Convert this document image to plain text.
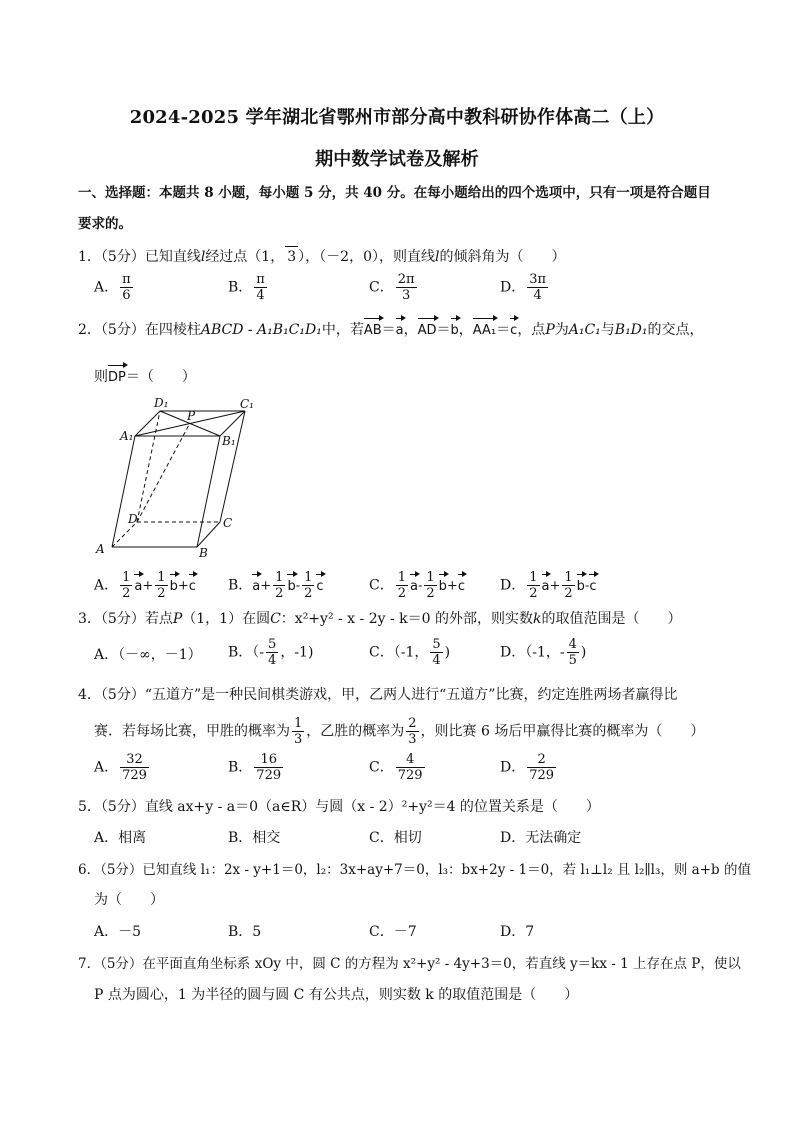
2024-2025 学年湖北省鄂州市部分高中教科研协作体高二（上）
期中数学试卷及解析
一、选择题：本题共 8 小题，每小题 5 分，共 40 分。在每小题给出的四个选项中，只有一项是符合题目
要求的。
1．（5分）已知直线l经过点（1， 3 ），（－2，0），则直线l的倾斜角为（　　）
A． $\frac{\pi}{6}$	B． $\frac{\pi}{4}$	C． $\frac{2\pi}{3}$	D． $\frac{3\pi}{4}$
2．（5分）在四棱柱ABCD - A₁B₁C₁D₁中，若AB＝a，AD＝b，AA₁＝c，点P为A₁C₁与B₁D₁的交点，
则DP＝（　　）
D₁
P
C₁
A₁	B₁
D	C
A	B
A． $\frac{1}{2} a+ \frac{1}{2} b+c$ B．$a+ \frac{1}{2} b- \frac{1}{2}$ c	C． $\frac{1}{2} a- \frac{1}{2} b+c$	D． $\frac{1}{2} a+ \frac{1}{2} b-c$
3．（5分）若点P（1，1）在圆C：x²+y² - x - 2y - k＝0 的外部，则实数k的取值范围是（　　）
A．（－∞，－1） B．（- $\frac{5}{4}$ ，-1)	C．（-1， $\frac{5}{4}$ )	D．（-1，- $\frac{4}{5}$ )
4．（5分）“五道方”是一种民间棋类游戏，甲，乙两人进行“五道方”比赛，约定连胜两场者赢得比
赛．若每场比赛，甲胜的概率为 $\frac{1}{3}$ ，乙胜的概率为 $\frac{2}{3}$ ，则比赛 6 场后甲赢得比赛的概率为（　　）
A． $\frac{32}{729}$	B． $\frac{16}{729}$	C． $\frac{4}{729}$	D． $\frac{2}{729}$
5．（5分）直线 ax+y - a＝0（a∈R）与圆（x - 2）²+y²＝4 的位置关系是（　　）
A．相离	B．相交	C．相切	D．无法确定
6．（5分）已知直线 l₁：2x - y+1＝0，l₂：3x+ay+7＝0，l₃：bx+2y - 1＝0，若 l₁⊥l₂ 且 l₂∥l₃，则 a+b 的值
为（　　）
A．－5	B．5	C．－7	D．7
7．（5分）在平面直角坐标系 xOy 中，圆 C 的方程为 x²+y² - 4y+3＝0，若直线 y＝kx - 1 上存在点 P，使以
P 点为圆心，1 为半径的圆与圆 C 有公共点，则实数 k 的取值范围是（　　）
